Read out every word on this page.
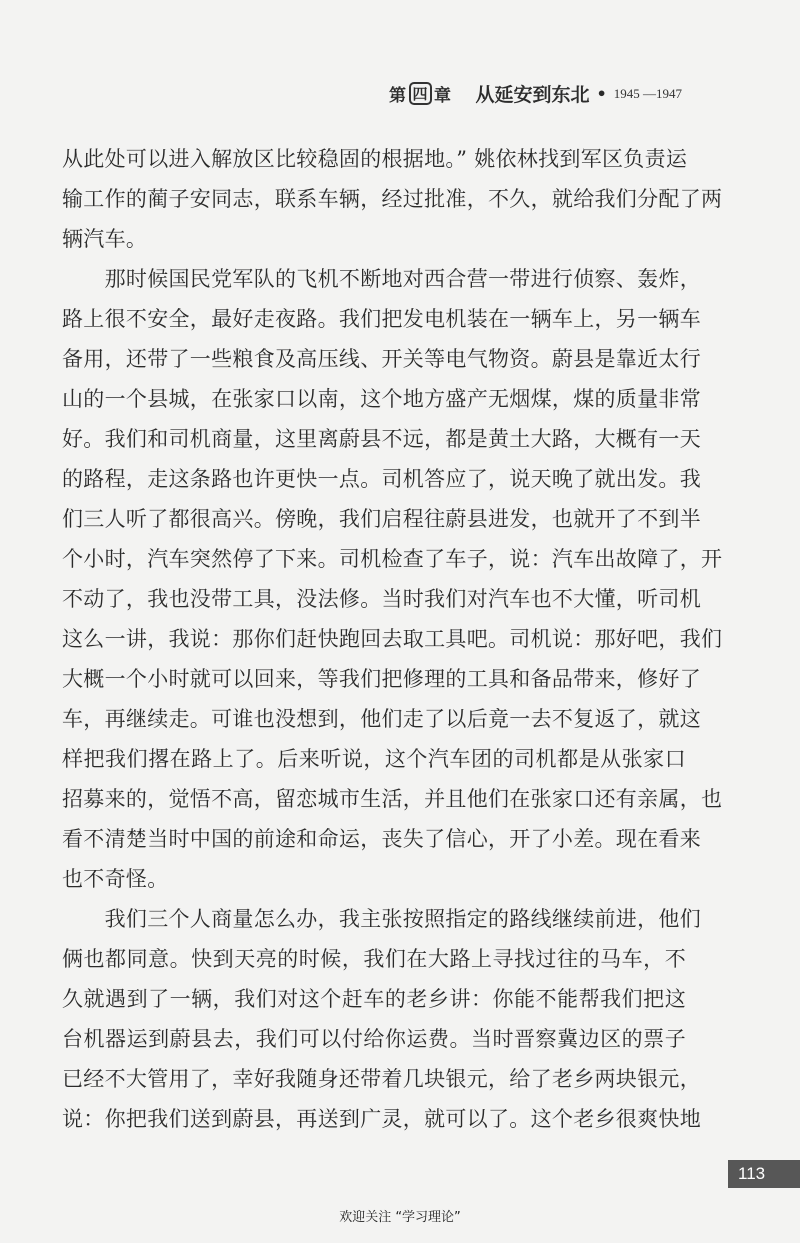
第 四 章 从延安到东北 • 1945 —1947
从此处可以进入解放区比较稳固的根据地。” 姚依林找到军区负责运
输工作的蔺子安同志，联系车辆，经过批准，不久，就给我们分配了两
辆汽车。
　　那时候国民党军队的飞机不断地对西合营一带进行侦察、轰炸，
路上很不安全，最好走夜路。我们把发电机装在一辆车上，另一辆车
备用，还带了一些粮食及高压线、开关等电气物资。蔚县是靠近太行
山的一个县城，在张家口以南，这个地方盛产无烟煤，煤的质量非常
好。我们和司机商量，这里离蔚县不远，都是黄土大路，大概有一天
的路程，走这条路也许更快一点。司机答应了，说天晚了就出发。我
们三人听了都很高兴。傍晚，我们启程往蔚县进发，也就开了不到半
个小时，汽车突然停了下来。司机检查了车子，说：汽车出故障了，开
不动了，我也没带工具，没法修。当时我们对汽车也不大懂，听司机
这么一讲，我说：那你们赶快跑回去取工具吧。司机说：那好吧，我们
大概一个小时就可以回来，等我们把修理的工具和备品带来，修好了
车，再继续走。可谁也没想到，他们走了以后竟一去不复返了，就这
样把我们撂在路上了。后来听说，这个汽车团的司机都是从张家口
招募来的，觉悟不高，留恋城市生活，并且他们在张家口还有亲属，也
看不清楚当时中国的前途和命运，丧失了信心，开了小差。现在看来
也不奇怪。
　　我们三个人商量怎么办，我主张按照指定的路线继续前进，他们
俩也都同意。快到天亮的时候，我们在大路上寻找过往的马车，不
久就遇到了一辆，我们对这个赶车的老乡讲：你能不能帮我们把这
台机器运到蔚县去，我们可以付给你运费。当时晋察冀边区的票子
已经不大管用了，幸好我随身还带着几块银元，给了老乡两块银元，
说：你把我们送到蔚县，再送到广灵，就可以了。这个老乡很爽快地
113
欢迎关注 “学习理论”
